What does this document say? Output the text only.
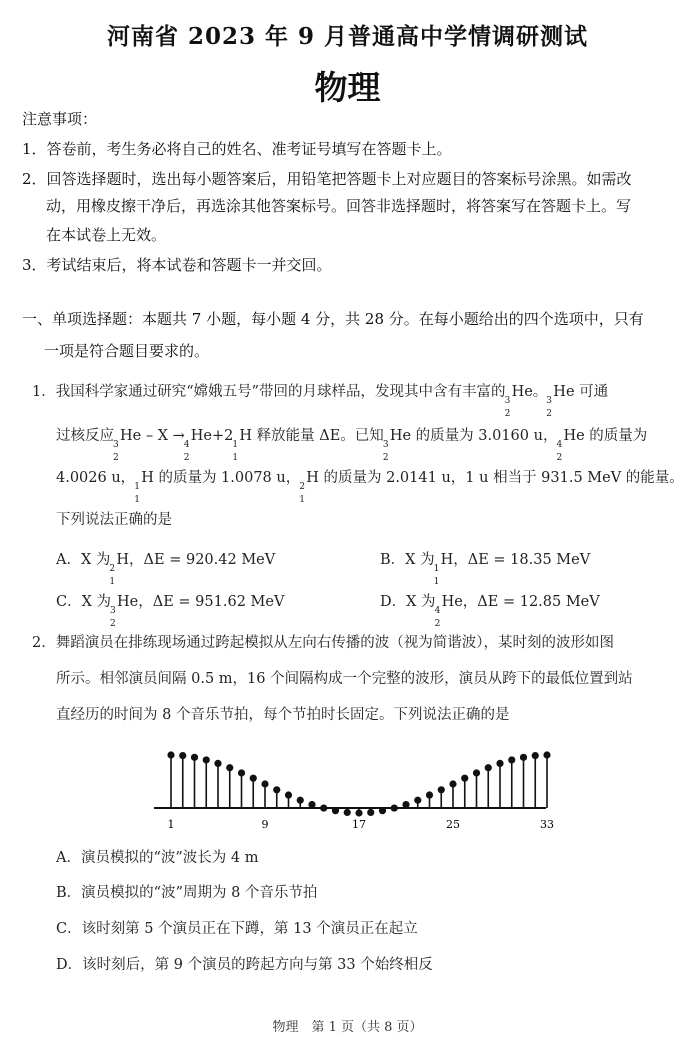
河南省 2023 年 9 月普通高中学情调研测试
物理
注意事项：
1．答卷前，考生务必将自己的姓名、准考证号填写在答题卡上。
2．回答选择题时，选出每小题答案后，用铅笔把答题卡上对应题目的答案标号涂黑。如需改
动，用橡皮擦干净后，再选涂其他答案标号。回答非选择题时，将答案写在答题卡上。写
在本试卷上无效。
3．考试结束后，将本试卷和答题卡一并交回。
一、单项选择题：本题共 7 小题，每小题 4 分，共 28 分。在每小题给出的四个选项中，只有
一项是符合题目要求的。
1．我国科学家通过研究“嫦娥五号”带回的月球样品，发现其中含有丰富的
3
2
He。
3
2
He 可通
过核反应
3
2
He – X →
4
2
He+2
1
1
H 释放能量 ΔE。已知
3
2
He 的质量为 3.0160 u，
4
2
He 的质量为
4.0026 u，
1
1
H 的质量为 1.0078 u，
2
1
H 的质量为 2.0141 u，1 u 相当于 931.5 MeV 的能量。
下列说法正确的是
A．X 为
2
1
H，ΔE = 920.42 MeV	B．X 为
1
1
H，ΔE = 18.35 MeV
C．X 为
3
2
He，ΔE = 951.62 MeV	D．X 为
4
2
He，ΔE = 12.85 MeV
2．舞蹈演员在排练现场通过跨起模拟从左向右传播的波（视为简谐波），某时刻的波形如图
所示。相邻演员间隔 0.5 m，16 个间隔构成一个完整的波形，演员从跨下的最低位置到站
直经历的时间为 8 个音乐节拍，每个节拍时长固定。下列说法正确的是
1	9	17	25	33
A．演员模拟的“波”波长为 4 m
B．演员模拟的“波”周期为 8 个音乐节拍
C．该时刻第 5 个演员正在下蹲，第 13 个演员正在起立
D．该时刻后，第 9 个演员的跨起方向与第 33 个始终相反
物理　第 1 页（共 8 页）
